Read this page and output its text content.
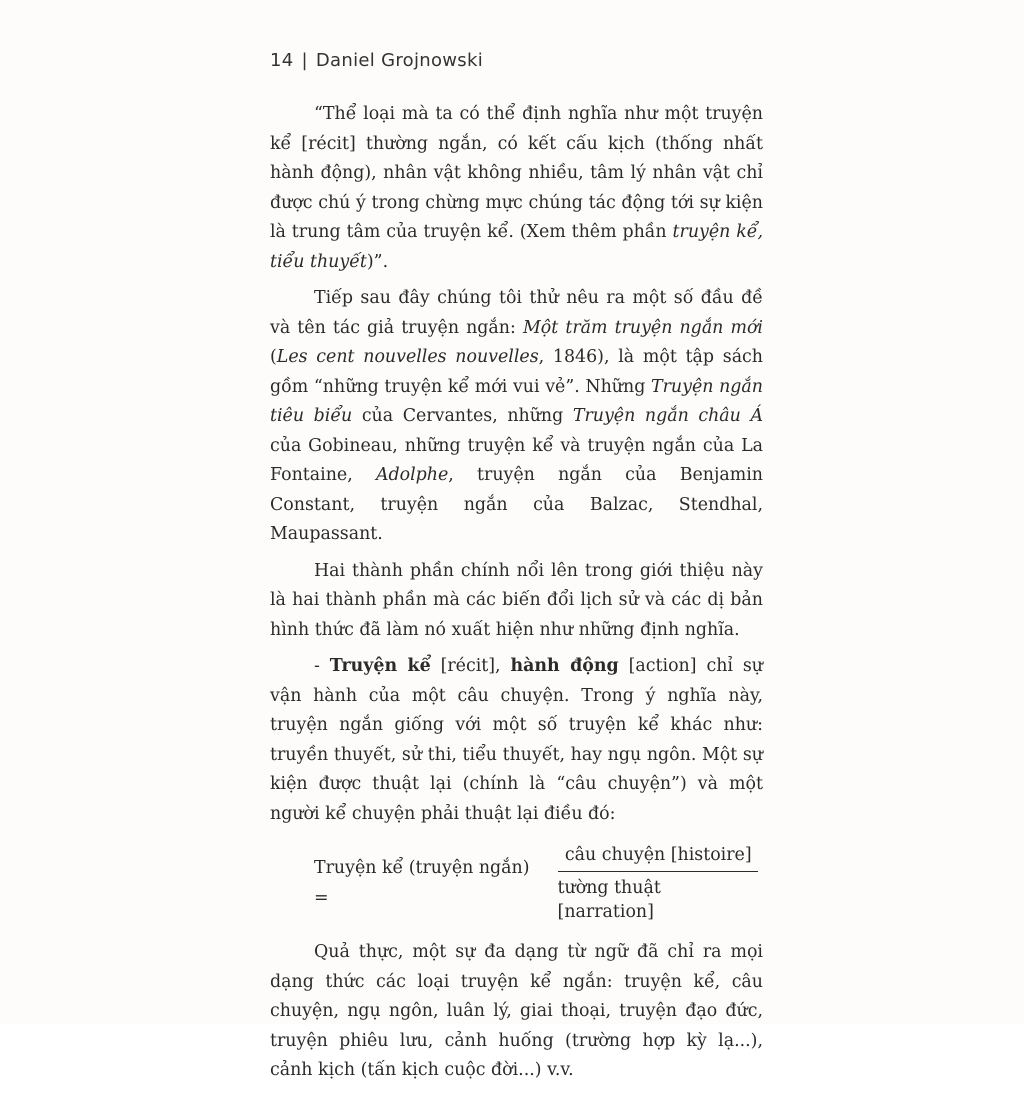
14 | Daniel Grojnowski

“Thể loại mà ta có thể định nghĩa như một truyện kể [récit] thường ngắn, có kết cấu kịch (thống nhất hành động), nhân vật không nhiều, tâm lý nhân vật chỉ được chú ý trong chừng mực chúng tác động tới sự kiện là trung tâm của truyện kể. (Xem thêm phần truyện kể, tiểu thuyết)”.

Tiếp sau đây chúng tôi thử nêu ra một số đầu đề và tên tác giả truyện ngắn: Một trăm truyện ngắn mới (Les cent nouvelles nouvelles, 1846), là một tập sách gồm “những truyện kể mới vui vẻ”. Những Truyện ngắn tiêu biểu của Cervantes, những Truyện ngắn châu Á của Gobineau, những truyện kể và truyện ngắn của La Fontaine, Adolphe, truyện ngắn của Benjamin Constant, truyện ngắn của Balzac, Stendhal, Maupassant.

Hai thành phần chính nổi lên trong giới thiệu này là hai thành phần mà các biến đổi lịch sử và các dị bản hình thức đã làm nó xuất hiện như những định nghĩa.

- Truyện kể [récit], hành động [action] chỉ sự vận hành của một câu chuyện. Trong ý nghĩa này, truyện ngắn giống với một số truyện kể khác như: truyền thuyết, sử thi, tiểu thuyết, hay ngụ ngôn. Một sự kiện được thuật lại (chính là “câu chuyện”) và một người kể chuyện phải thuật lại điều đó:

Truyện kể (truyện ngắn) =	$\frac{\text{câu chuyện [histoire]}}{\text{tường thuật [narration]}}$

Quả thực, một sự đa dạng từ ngữ đã chỉ ra mọi dạng thức các loại truyện kể ngắn: truyện kể, câu chuyện, ngụ ngôn, luân lý, giai thoại, truyện đạo đức, truyện phiêu lưu, cảnh huống (trường hợp kỳ lạ...), cảnh kịch (tấn kịch cuộc đời...) v.v.
